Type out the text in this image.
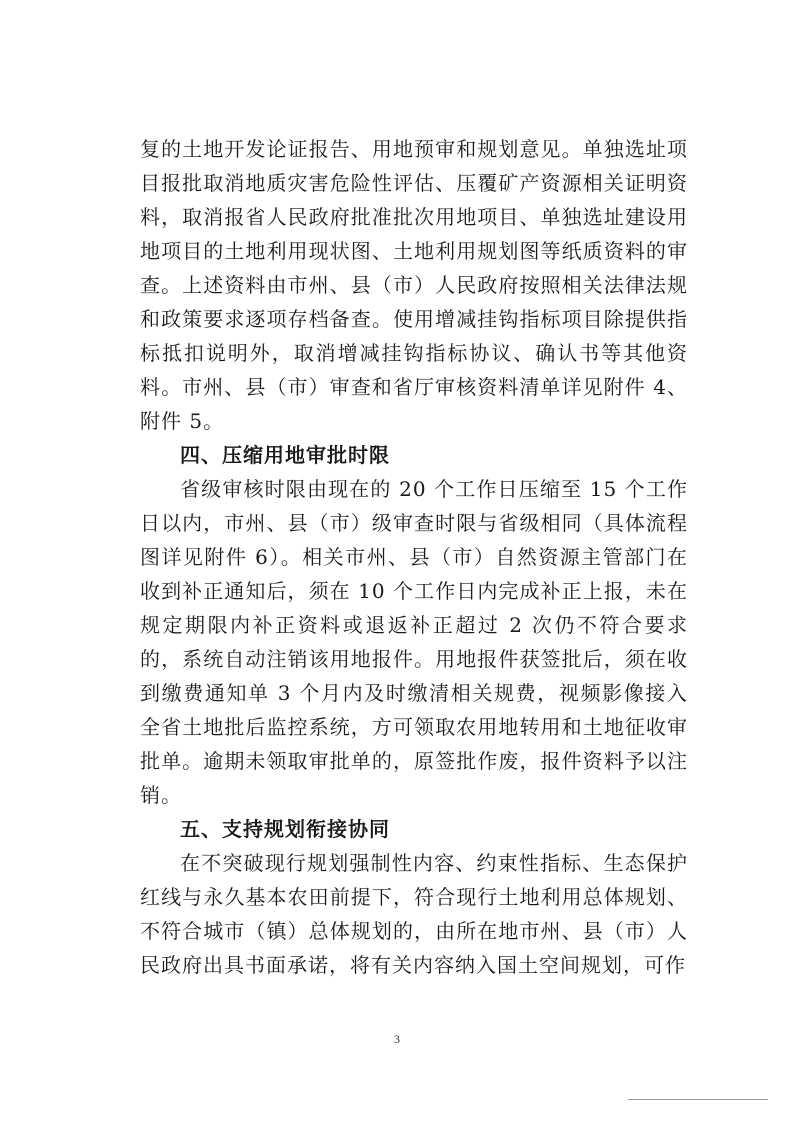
复的土地开发论证报告、用地预审和规划意见。单独选址项目报批取消地质灾害危险性评估、压覆矿产资源相关证明资料，取消报省人民政府批准批次用地项目、单独选址建设用地项目的土地利用现状图、土地利用规划图等纸质资料的审查。上述资料由市州、县（市）人民政府按照相关法律法规和政策要求逐项存档备查。使用增减挂钩指标项目除提供指标抵扣说明外，取消增减挂钩指标协议、确认书等其他资料。市州、县（市）审查和省厅审核资料清单详见附件 4、附件 5。

四、压缩用地审批时限

省级审核时限由现在的 20 个工作日压缩至 15 个工作日以内，市州、县（市）级审查时限与省级相同（具体流程图详见附件 6）。相关市州、县（市）自然资源主管部门在收到补正通知后，须在 10 个工作日内完成补正上报，未在规定期限内补正资料或退返补正超过 2 次仍不符合要求的，系统自动注销该用地报件。用地报件获签批后，须在收到缴费通知单 3 个月内及时缴清相关规费，视频影像接入全省土地批后监控系统，方可领取农用地转用和土地征收审批单。逾期未领取审批单的，原签批作废，报件资料予以注销。

五、支持规划衔接协同

在不突破现行规划强制性内容、约束性指标、生态保护红线与永久基本农田前提下，符合现行土地利用总体规划、不符合城市（镇）总体规划的，由所在地市州、县（市）人民政府出具书面承诺，将有关内容纳入国土空间规划，可作

3
